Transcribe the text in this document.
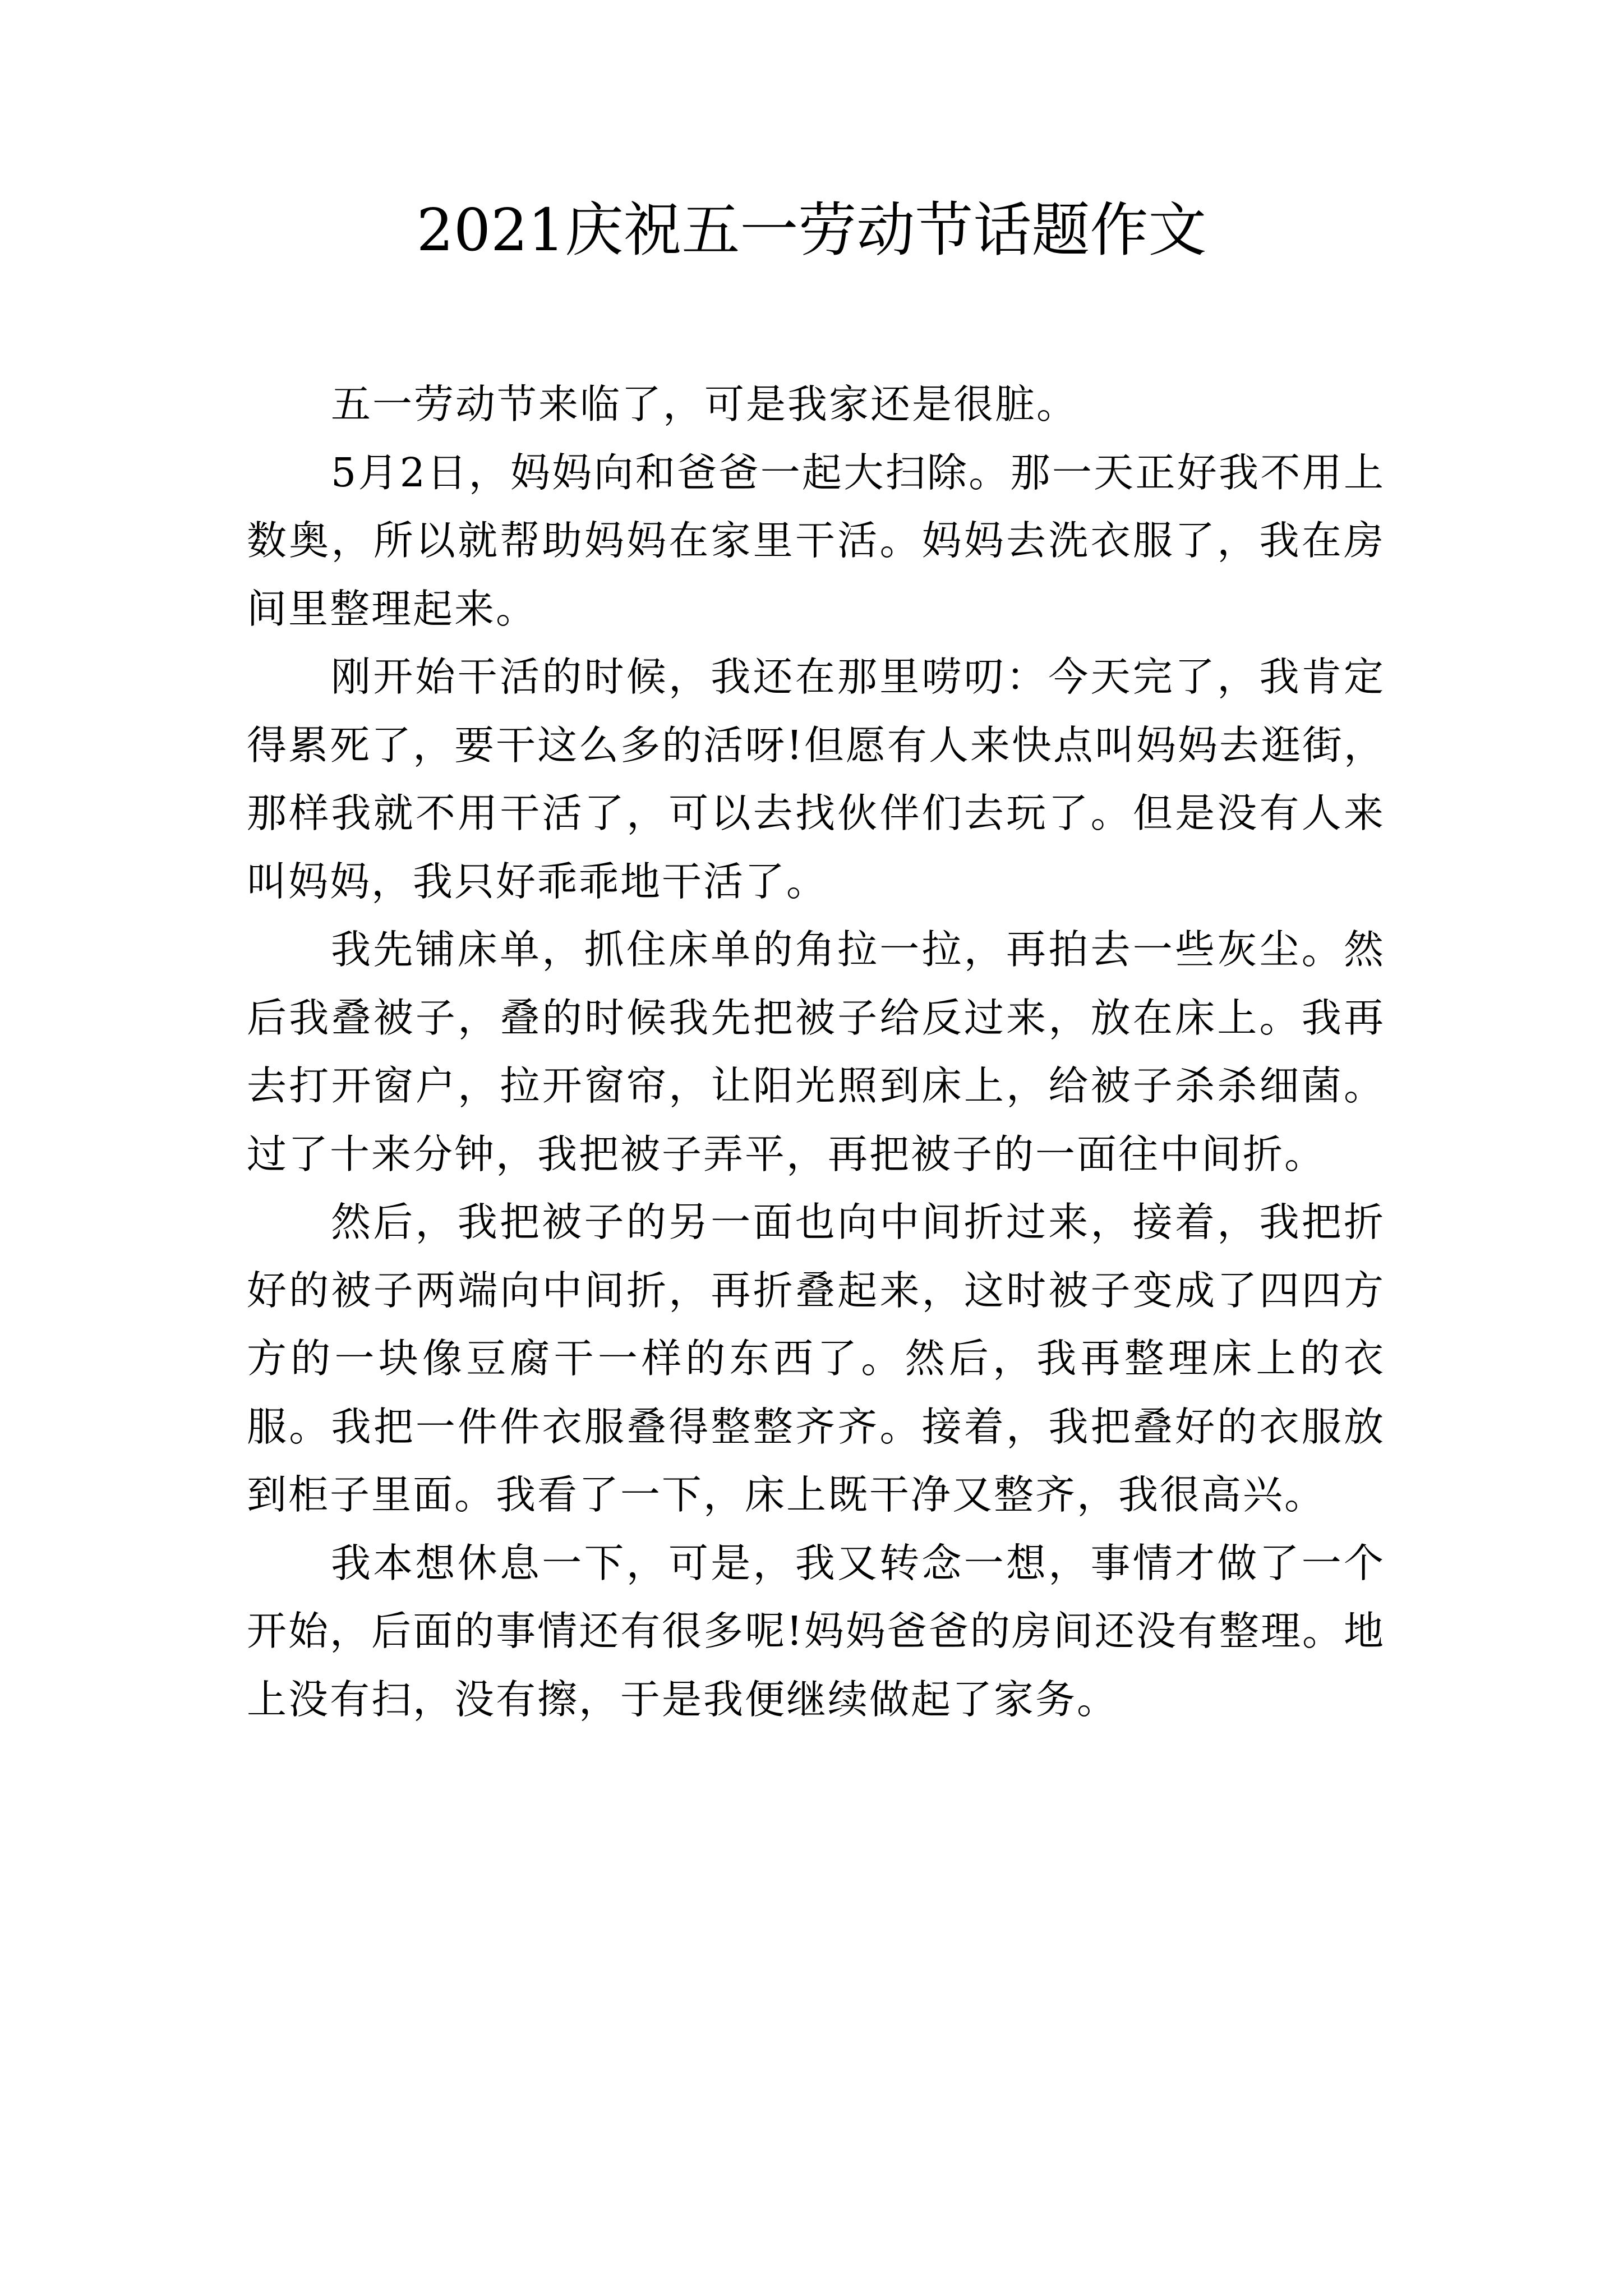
2021庆祝五一劳动节话题作文

五一劳动节来临了，可是我家还是很脏。

5月2日，妈妈向和爸爸一起大扫除。那一天正好我不用上数奥，所以就帮助妈妈在家里干活。妈妈去洗衣服了，我在房间里整理起来。

刚开始干活的时候，我还在那里唠叨：今天完了，我肯定得累死了，要干这么多的活呀!但愿有人来快点叫妈妈去逛街，那样我就不用干活了，可以去找伙伴们去玩了。但是没有人来叫妈妈，我只好乖乖地干活了。

我先铺床单，抓住床单的角拉一拉，再拍去一些灰尘。然后我叠被子，叠的时候我先把被子给反过来，放在床上。我再去打开窗户，拉开窗帘，让阳光照到床上，给被子杀杀细菌。过了十来分钟，我把被子弄平，再把被子的一面往中间折。

然后，我把被子的另一面也向中间折过来，接着，我把折好的被子两端向中间折，再折叠起来，这时被子变成了四四方方的一块像豆腐干一样的东西了。然后，我再整理床上的衣服。我把一件件衣服叠得整整齐齐。接着，我把叠好的衣服放到柜子里面。我看了一下，床上既干净又整齐，我很高兴。

我本想休息一下，可是，我又转念一想，事情才做了一个开始，后面的事情还有很多呢!妈妈爸爸的房间还没有整理。地上没有扫，没有擦，于是我便继续做起了家务。
